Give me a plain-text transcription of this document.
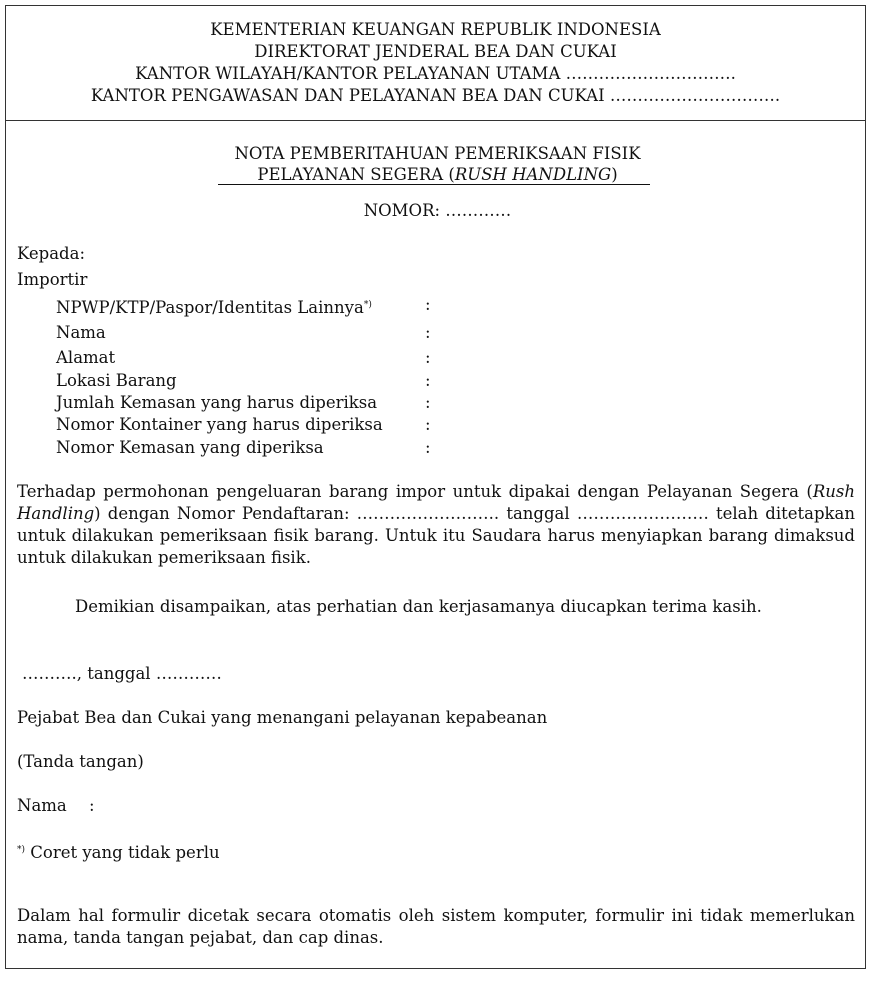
KEMENTERIAN KEUANGAN REPUBLIK INDONESIA
DIREKTORAT JENDERAL BEA DAN CUKAI
KANTOR WILAYAH/KANTOR PELAYANAN UTAMA ………………………….
KANTOR PENGAWASAN DAN PELAYANAN BEA DAN CUKAI ………………………….
NOTA PEMBERITAHUAN PEMERIKSAAN FISIK
PELAYANAN SEGERA (RUSH HANDLING)
NOMOR: …………
Kepada:
Importir
NPWP/KTP/Paspor/Identitas Lainnya*)	:
Nama	:
Alamat	:
Lokasi Barang	:
Jumlah Kemasan yang harus diperiksa	:
Nomor Kontainer yang harus diperiksa	:
Nomor Kemasan yang diperiksa	:
Terhadap permohonan pengeluaran barang impor untuk dipakai dengan Pelayanan Segera (Rush Handling) dengan Nomor Pendaftaran: …………………….. tanggal …………………… telah ditetapkan untuk dilakukan pemeriksaan fisik barang. Untuk itu Saudara harus menyiapkan barang dimaksud untuk dilakukan pemeriksaan fisik.
Demikian disampaikan, atas perhatian dan kerjasamanya diucapkan terima kasih.
………., tanggal …………
Pejabat Bea dan Cukai yang menangani pelayanan kepabeanan
(Tanda tangan)
Nama :
*) Coret yang tidak perlu
Dalam hal formulir dicetak secara otomatis oleh sistem komputer, formulir ini tidak memerlukan nama, tanda tangan pejabat, dan cap dinas.
